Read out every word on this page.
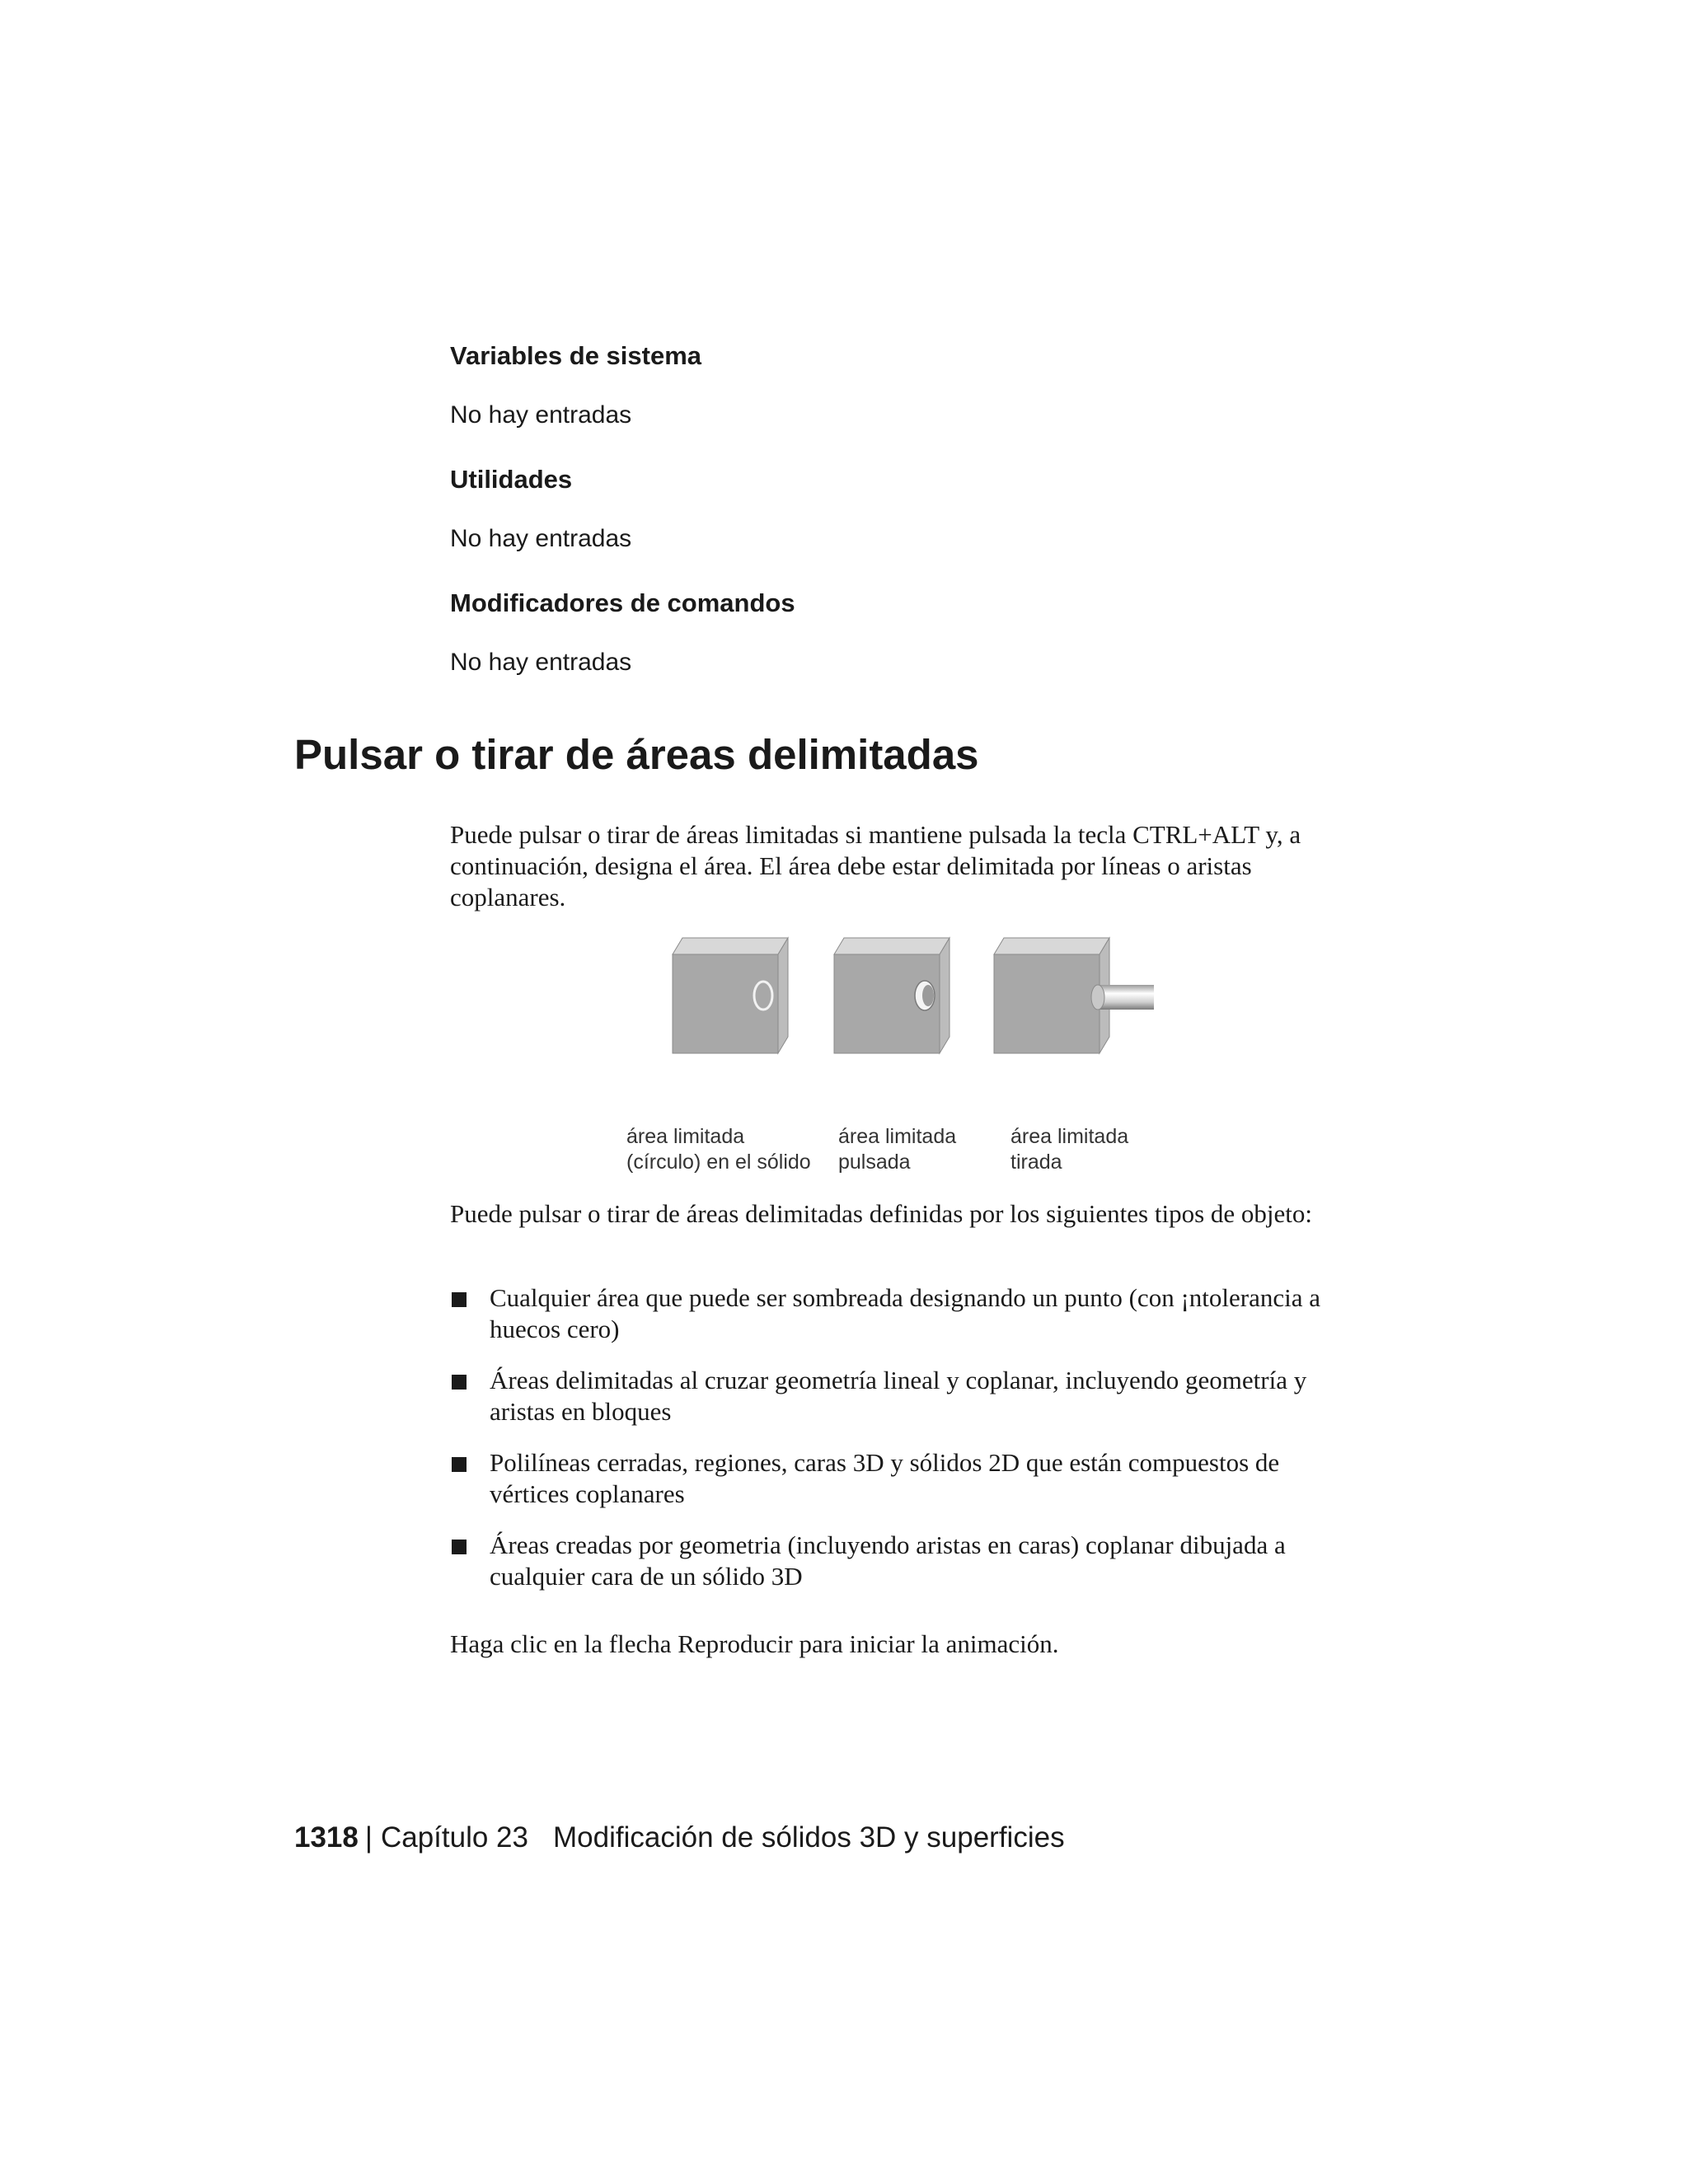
Variables de sistema
No hay entradas
Utilidades
No hay entradas
Modificadores de comandos
No hay entradas
Pulsar o tirar de áreas delimitadas
Puede pulsar o tirar de áreas limitadas si mantiene pulsada la tecla CTRL+ALT y, a continuación, designa el área. El área debe estar delimitada por líneas o aristas coplanares.
área limitada
(círculo) en el sólido
área limitada
pulsada
área limitada
tirada
Puede pulsar o tirar de áreas delimitadas definidas por los siguientes tipos de objeto:
Cualquier área que puede ser sombreada designando un punto (con ¡ntolerancia a huecos cero)
Áreas delimitadas al cruzar geometría lineal y coplanar, incluyendo geometría y aristas en bloques
Polilíneas cerradas, regiones, caras 3D y sólidos 2D que están compuestos de vértices coplanares
Áreas creadas por geometria (incluyendo aristas en caras) coplanar dibujada a cualquier cara de un sólido 3D
Haga clic en la flecha Reproducir para iniciar la animación.
1318 | Capítulo 23 Modificación de sólidos 3D y superficies
